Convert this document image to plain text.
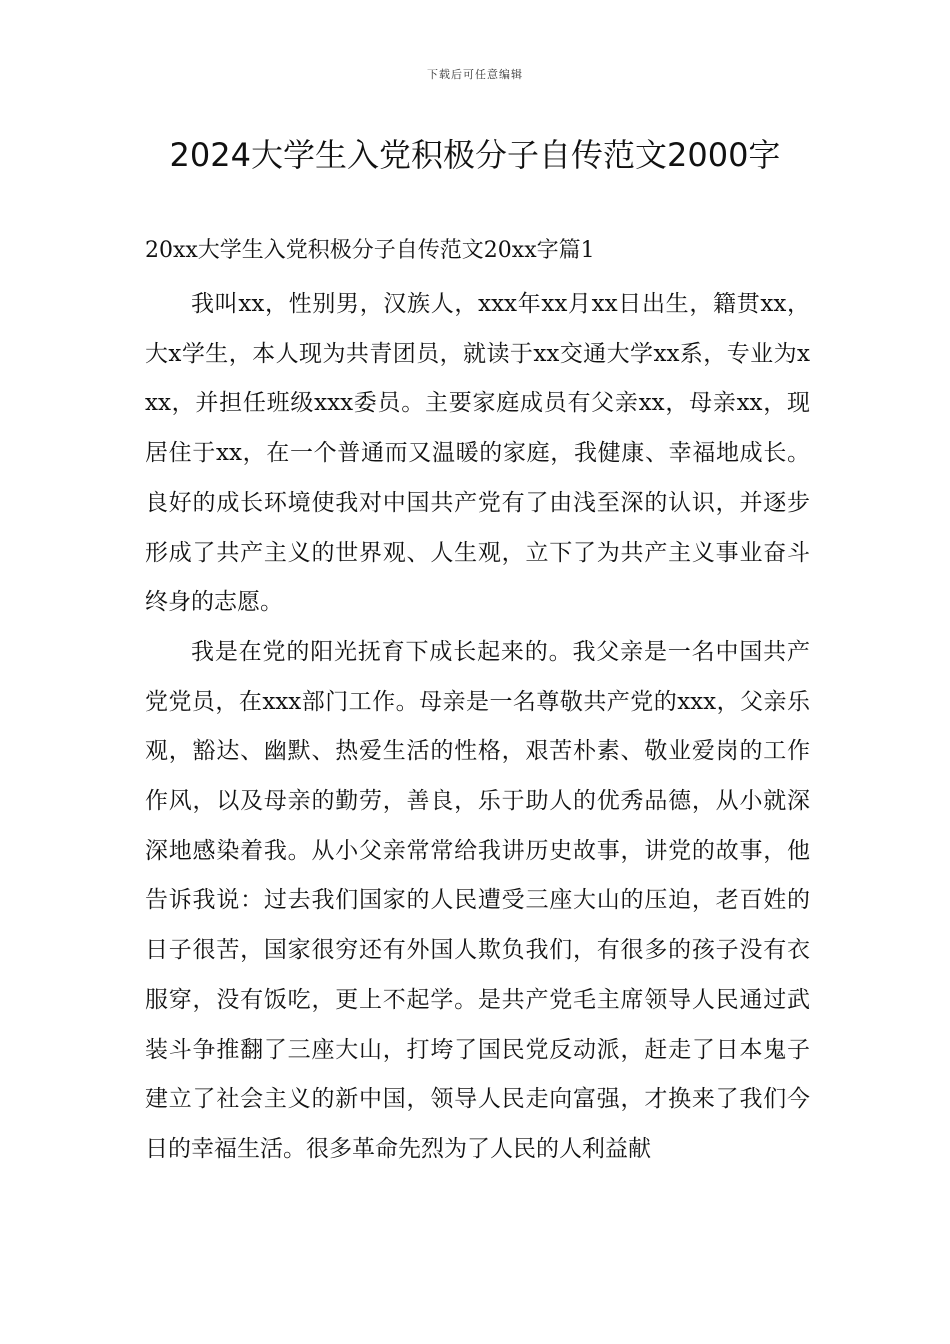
下载后可任意编辑
2024大学生入党积极分子自传范文2000字

20xx大学生入党积极分子自传范文20xx字篇1

我叫xx，性别男，汉族人，xxx年xx月xx日出生，籍贯xx，大x学生，本人现为共青团员，就读于xx交通大学xx系，专业为xxx，并担任班级xxx委员。主要家庭成员有父亲xx，母亲xx，现居住于xx，在一个普通而又温暖的家庭，我健康、幸福地成长。良好的成长环境使我对中国共产党有了由浅至深的认识，并逐步形成了共产主义的世界观、人生观，立下了为共产主义事业奋斗终身的志愿。

我是在党的阳光抚育下成长起来的。我父亲是一名中国共产党党员，在xxx部门工作。母亲是一名尊敬共产党的xxx，父亲乐观，豁达、幽默、热爱生活的性格，艰苦朴素、敬业爱岗的工作作风，以及母亲的勤劳，善良，乐于助人的优秀品德，从小就深深地感染着我。从小父亲常常给我讲历史故事，讲党的故事，他告诉我说：过去我们国家的人民遭受三座大山的压迫，老百姓的日子很苦，国家很穷还有外国人欺负我们，有很多的孩子没有衣服穿，没有饭吃，更上不起学。是共产党毛主席领导人民通过武装斗争推翻了三座大山，打垮了国民党反动派，赶走了日本鬼子建立了社会主义的新中国，领导人民走向富强，才换来了我们今日的幸福生活。很多革命先烈为了人民的人利益献
